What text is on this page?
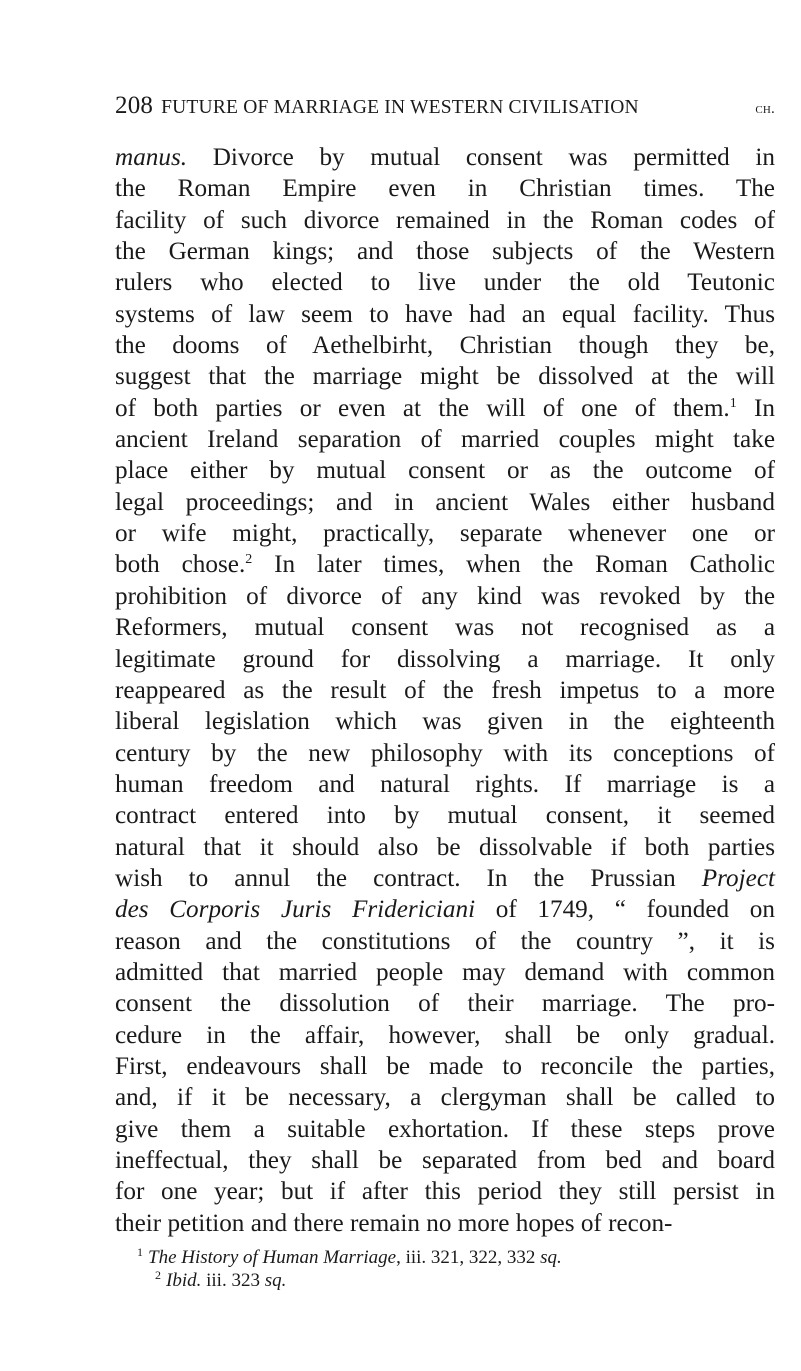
208 FUTURE OF MARRIAGE IN WESTERN CIVILISATION	ch.
manus. Divorce by mutual consent was permitted in
the Roman Empire even in Christian times. The
facility of such divorce remained in the Roman codes of
the German kings; and those subjects of the Western
rulers who elected to live under the old Teutonic
systems of law seem to have had an equal facility. Thus
the dooms of Aethelbirht, Christian though they be,
suggest that the marriage might be dissolved at the will
of both parties or even at the will of one of them.$^1$ In
ancient Ireland separation of married couples might take
place either by mutual consent or as the outcome of
legal proceedings; and in ancient Wales either husband
or wife might, practically, separate whenever one or
both chose.$^2$ In later times, when the Roman Catholic
prohibition of divorce of any kind was revoked by the
Reformers, mutual consent was not recognised as a
legitimate ground for dissolving a marriage. It only
reappeared as the result of the fresh impetus to a more
liberal legislation which was given in the eighteenth
century by the new philosophy with its conceptions of
human freedom and natural rights. If marriage is a
contract entered into by mutual consent, it seemed
natural that it should also be dissolvable if both parties
wish to annul the contract. In the Prussian Project
des Corporis Juris Fridericiani of 1749, “ founded on
reason and the constitutions of the country ”, it is
admitted that married people may demand with common
consent the dissolution of their marriage. The pro-
cedure in the affair, however, shall be only gradual.
First, endeavours shall be made to reconcile the parties,
and, if it be necessary, a clergyman shall be called to
give them a suitable exhortation. If these steps prove
ineffectual, they shall be separated from bed and board
for one year; but if after this period they still persist in
their petition and there remain no more hopes of recon-
$^1$ The History of Human Marriage, iii. 321, 322, 332 sq.
$^2$ Ibid. iii. 323 sq.
